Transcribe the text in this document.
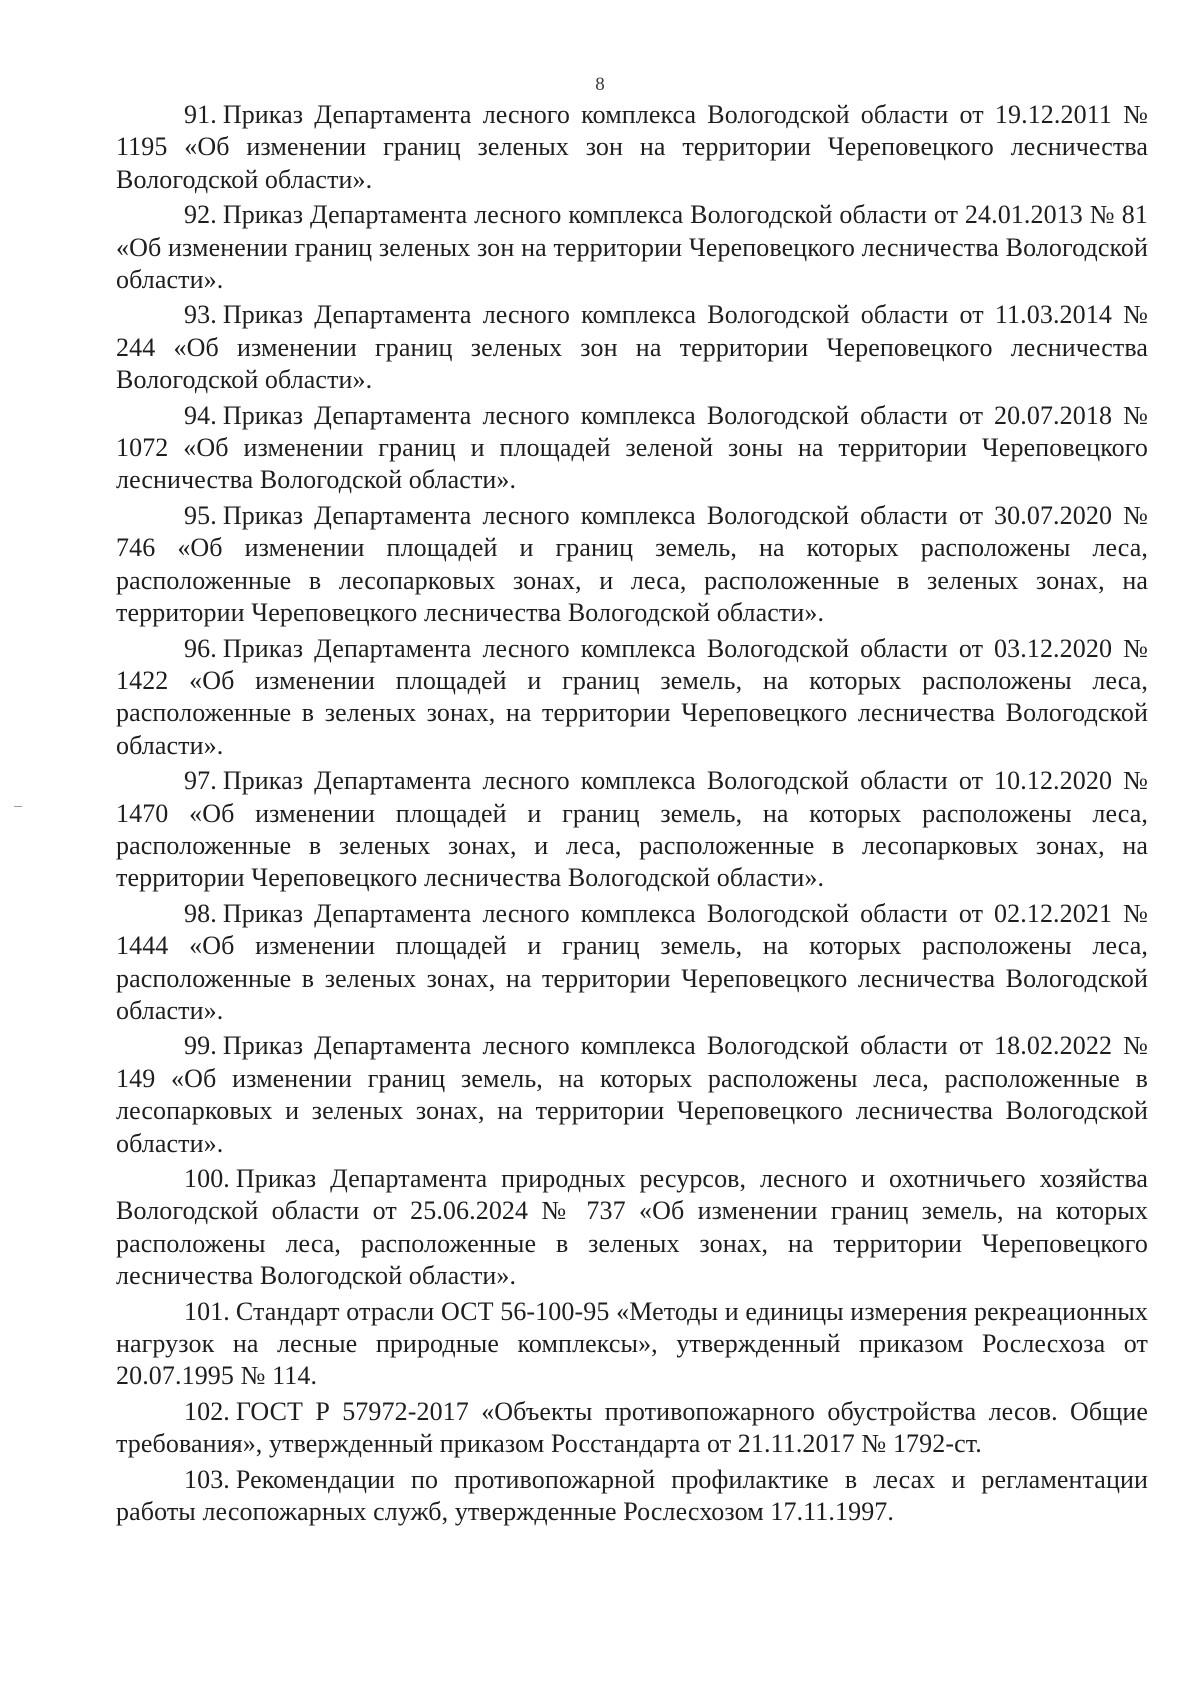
8

91. Приказ Департамента лесного комплекса Вологодской области от 19.12.2011 № 1195 «Об изменении границ зеленых зон на территории Череповецкого лесничества Вологодской области».

92. Приказ Департамента лесного комплекса Вологодской области от 24.01.2013 № 81 «Об изменении границ зеленых зон на территории Череповецкого лесничества Вологодской области».

93. Приказ Департамента лесного комплекса Вологодской области от 11.03.2014 № 244 «Об изменении границ зеленых зон на территории Череповецкого лесничества Вологодской области».

94. Приказ Департамента лесного комплекса Вологодской области от 20.07.2018 № 1072 «Об изменении границ и площадей зеленой зоны на территории Череповецкого лесничества Вологодской области».

95. Приказ Департамента лесного комплекса Вологодской области от 30.07.2020 № 746 «Об изменении площадей и границ земель, на которых расположены леса, расположенные в лесопарковых зонах, и леса, расположенные в зеленых зонах, на территории Череповецкого лесничества Вологодской области».

96. Приказ Департамента лесного комплекса Вологодской области от 03.12.2020 № 1422 «Об изменении площадей и границ земель, на которых расположены леса, расположенные в зеленых зонах, на территории Череповецкого лесничества Вологодской области».

97. Приказ Департамента лесного комплекса Вологодской области от 10.12.2020 № 1470 «Об изменении площадей и границ земель, на которых расположены леса, расположенные в зеленых зонах, и леса, расположенные в лесопарковых зонах, на территории Череповецкого лесничества Вологодской области».

98. Приказ Департамента лесного комплекса Вологодской области от 02.12.2021 № 1444 «Об изменении площадей и границ земель, на которых расположены леса, расположенные в зеленых зонах, на территории Череповецкого лесничества Вологодской области».

99. Приказ Департамента лесного комплекса Вологодской области от 18.02.2022 № 149 «Об изменении границ земель, на которых расположены леса, расположенные в лесопарковых и зеленых зонах, на территории Череповецкого лесничества Вологодской области».

100. Приказ Департамента природных ресурсов, лесного и охотничьего хозяйства Вологодской области от 25.06.2024 № 737 «Об изменении границ земель, на которых расположены леса, расположенные в зеленых зонах, на территории Череповецкого лесничества Вологодской области».

101. Стандарт отрасли ОСТ 56-100-95 «Методы и единицы измерения рекреационных нагрузок на лесные природные комплексы», утвержденный приказом Рослесхоза от 20.07.1995 № 114.

102. ГОСТ Р 57972-2017 «Объекты противопожарного обустройства лесов. Общие требования», утвержденный приказом Росстандарта от 21.11.2017 № 1792-ст.

103. Рекомендации по противопожарной профилактике в лесах и регламентации работы лесопожарных служб, утвержденные Рослесхозом 17.11.1997.
